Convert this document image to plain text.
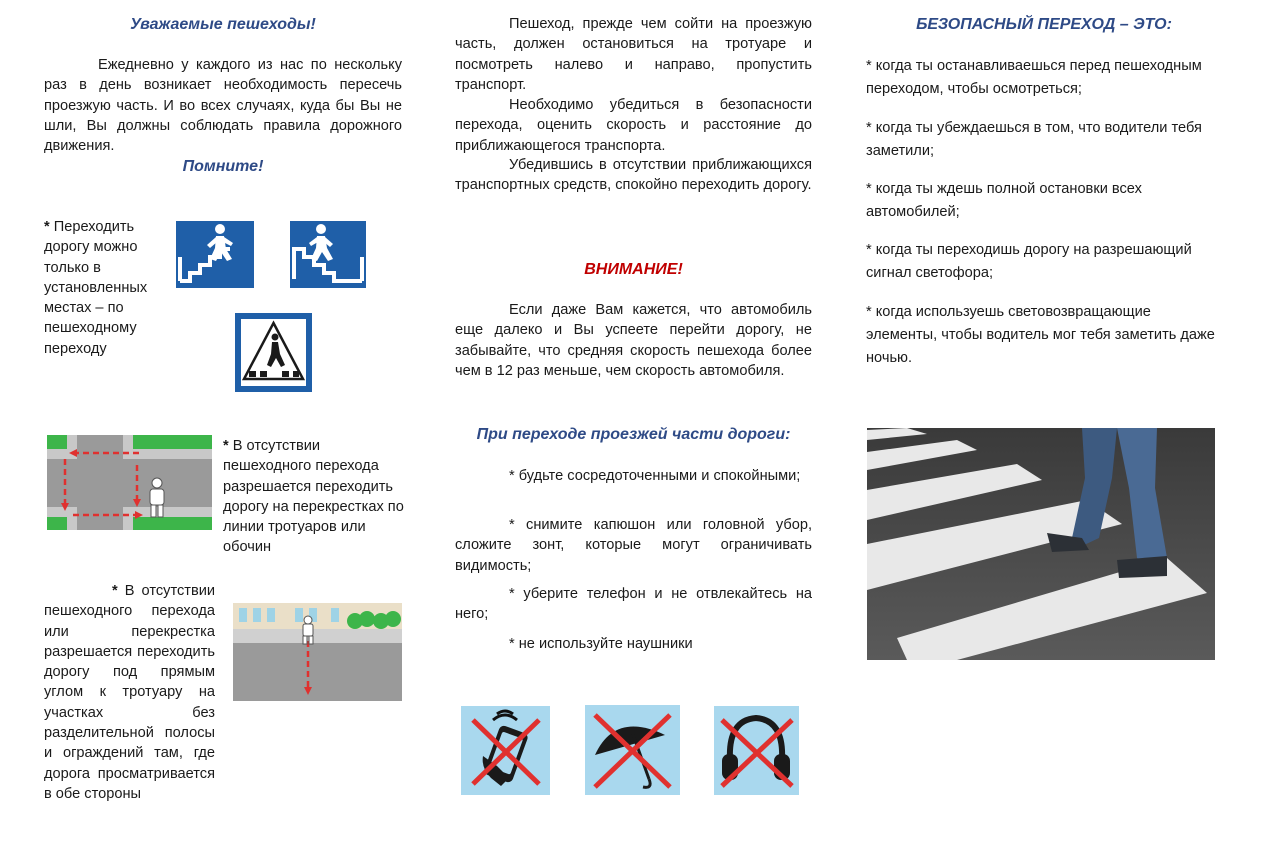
Уважаемые пешеходы!
Ежедневно у каждого из нас по нескольку раз в день возникает необходимость пересечь проезжую часть. И во всех случаях, куда бы Вы не шли, Вы должны соблюдать правила дорожного движения.
Помните!
* Переходить дорогу можно только в установленных местах – по пешеходному переходу
* В отсутствии пешеходного перехода разрешается переходить дорогу на перекрестках по линии тротуаров или обочин
* В отсутствии пешеходного перехода или перекрестка разрешается переходить дорогу под прямым углом к тротуару на участках без разделительной полосы и ограждений там, где дорога просматривается в обе стороны
Пешеход, прежде чем сойти на проезжую часть, должен остановиться на тротуаре и посмотреть налево и направо, пропустить транспорт.
Необходимо убедиться в безопасности перехода, оценить скорость и расстояние до приближающегося транспорта.
Убедившись в отсутствии приближающихся транспортных средств, спокойно переходить дорогу.
ВНИМАНИЕ!
Если даже Вам кажется, что автомобиль еще далеко и Вы успеете перейти дорогу, не забывайте, что средняя скорость пешехода более чем в 12 раз меньше, чем скорость автомобиля.
При переходе проезжей части дороги:
* будьте сосредоточенными и спокойными;
* снимите капюшон или головной убор, сложите зонт, которые могут ограничивать видимость;
* уберите телефон и не отвлекайтесь на него;
* не используйте наушники
БЕЗОПАСНЫЙ ПЕРЕХОД – ЭТО:
* когда ты останавливаешься перед пешеходным переходом, чтобы осмотреться;
* когда ты убеждаешься в том, что водители тебя заметили;
* когда ты ждешь полной остановки всех автомобилей;
* когда ты переходишь дорогу на разрешающий сигнал светофора;
* когда используешь световозвращающие элементы, чтобы водитель мог тебя заметить даже ночью.
